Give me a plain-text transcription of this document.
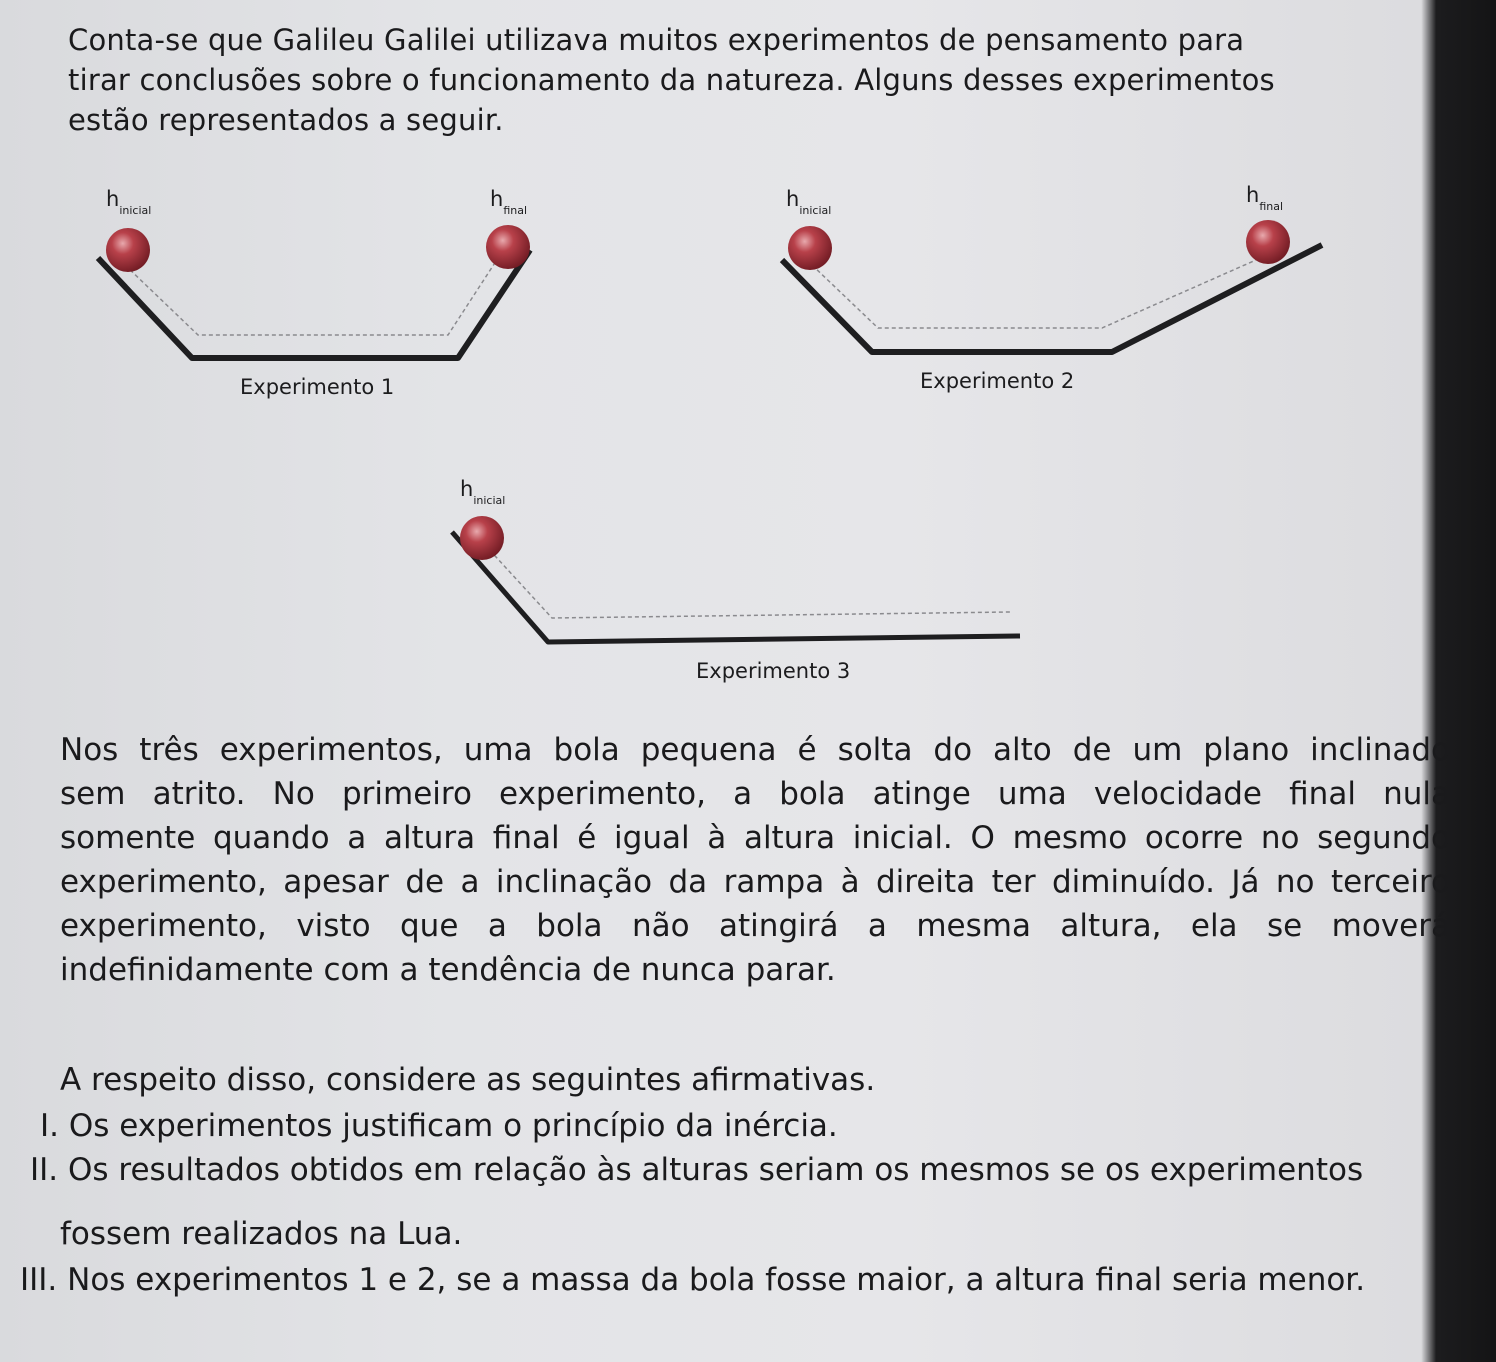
Conta-se que Galileu Galilei utilizava muitos experimentos de pensamento para
tirar conclusões sobre o funcionamento da natureza. Alguns desses experimentos
estão representados a seguir.
$h_{inicial}$	$h_{final}$
Experimento 1
$h_{inicial}$
$h_{final}$
Experimento 2
$h_{inicial}$
Experimento 3
Nos três experimentos, uma bola pequena é solta do alto de um plano inclinado
sem atrito. No primeiro experimento, a bola atinge uma velocidade final nula
somente quando a altura final é igual à altura inicial. O mesmo ocorre no segundo
experimento, apesar de a inclinação da rampa à direita ter diminuído. Já no terceiro
experimento, visto que a bola não atingirá a mesma altura, ela se moverá
indefinidamente com a tendência de nunca parar.
A respeito disso, considere as seguintes afirmativas.
I. Os experimentos justificam o princípio da inércia.
II. Os resultados obtidos em relação às alturas seriam os mesmos se os experimentos
fossem realizados na Lua.
III. Nos experimentos 1 e 2, se a massa da bola fosse maior, a altura final seria menor.
